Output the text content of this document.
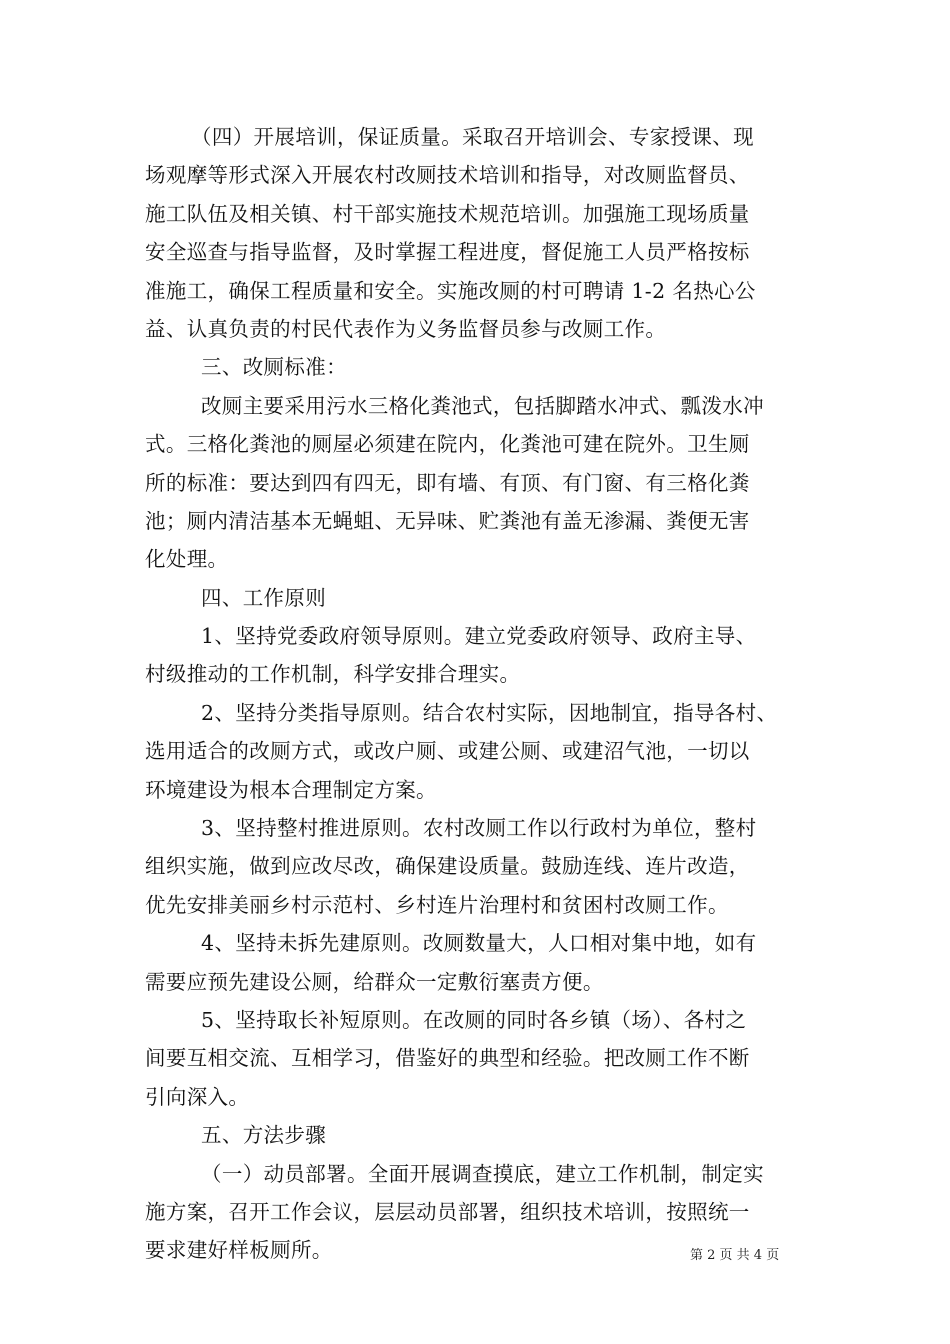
（四）开展培训，保证质量。采取召开培训会、专家授课、现
场观摩等形式深入开展农村改厕技术培训和指导，对改厕监督员、
施工队伍及相关镇、村干部实施技术规范培训。加强施工现场质量
安全巡查与指导监督，及时掌握工程进度，督促施工人员严格按标
准施工，确保工程质量和安全。实施改厕的村可聘请 1-2 名热心公
益、认真负责的村民代表作为义务监督员参与改厕工作。
三、改厕标准：
改厕主要采用污水三格化粪池式，包括脚踏水冲式、瓢泼水冲
式。三格化粪池的厕屋必须建在院内，化粪池可建在院外。卫生厕
所的标准：要达到四有四无，即有墙、有顶、有门窗、有三格化粪
池；厕内清洁基本无蝇蛆、无异味、贮粪池有盖无渗漏、粪便无害
化处理。
四、工作原则
1、坚持党委政府领导原则。建立党委政府领导、政府主导、
村级推动的工作机制，科学安排合理实。
2、坚持分类指导原则。结合农村实际，因地制宜，指导各村、
选用适合的改厕方式，或改户厕、或建公厕、或建沼气池，一切以
环境建设为根本合理制定方案。
3、坚持整村推进原则。农村改厕工作以行政村为单位，整村
组织实施，做到应改尽改，确保建设质量。鼓励连线、连片改造，
优先安排美丽乡村示范村、乡村连片治理村和贫困村改厕工作。
4、坚持未拆先建原则。改厕数量大，人口相对集中地，如有
需要应预先建设公厕，给群众一定敷衍塞责方便。
5、坚持取长补短原则。在改厕的同时各乡镇（场）、各村之
间要互相交流、互相学习，借鉴好的典型和经验。把改厕工作不断
引向深入。
五、方法步骤
（一）动员部署。全面开展调查摸底，建立工作机制，制定实
施方案，召开工作会议，层层动员部署，组织技术培训，按照统一
要求建好样板厕所。	第 2 页 共 4 页
